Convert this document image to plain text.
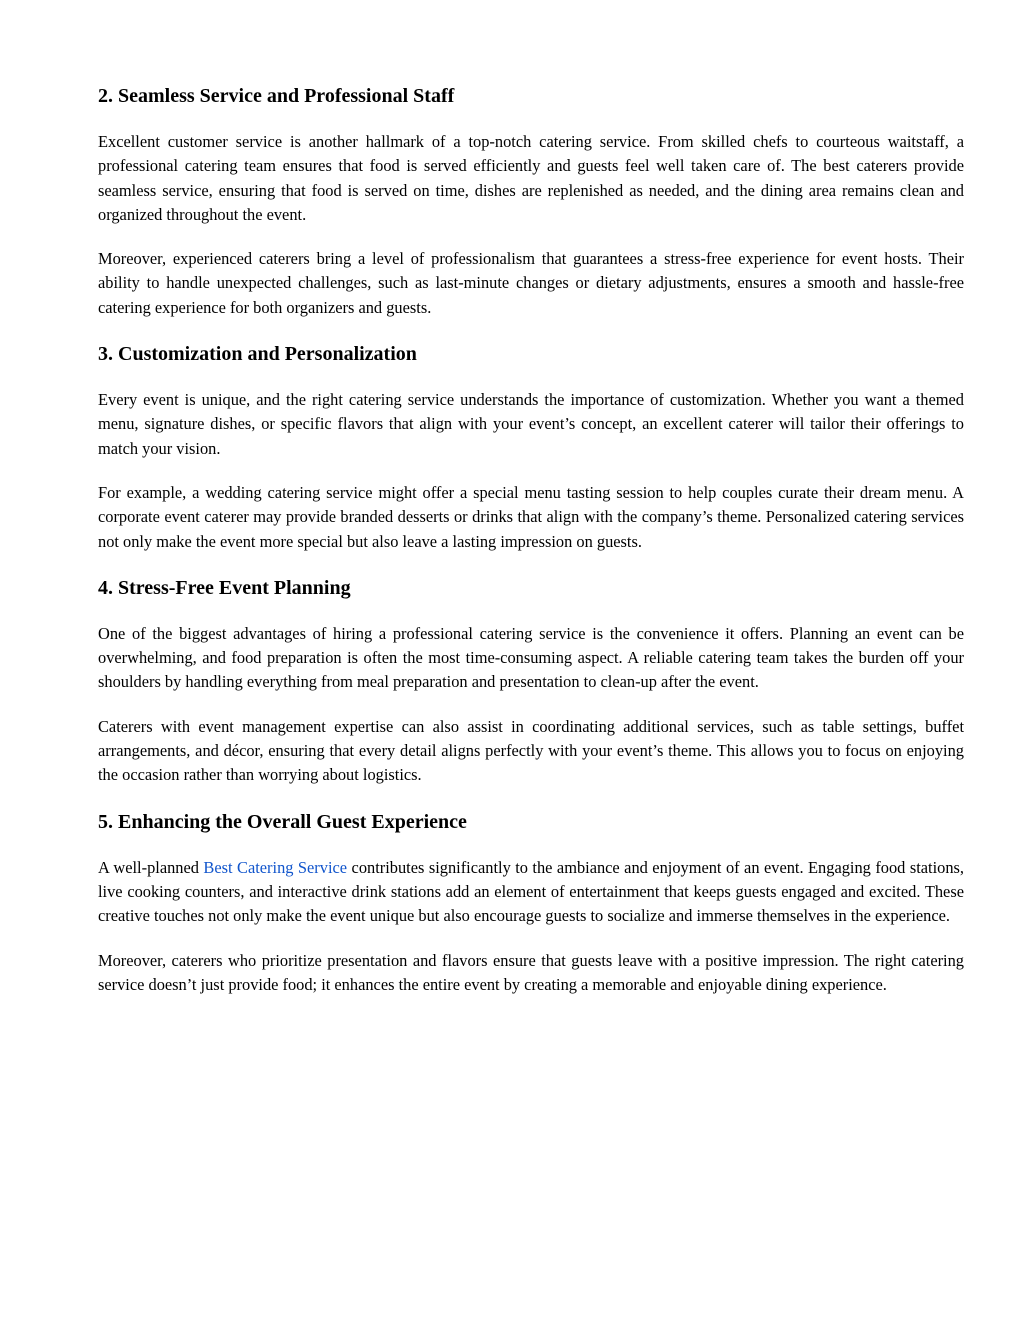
2. Seamless Service and Professional Staff

Excellent customer service is another hallmark of a top-notch catering service. From skilled chefs to courteous waitstaff, a professional catering team ensures that food is served efficiently and guests feel well taken care of. The best caterers provide seamless service, ensuring that food is served on time, dishes are replenished as needed, and the dining area remains clean and organized throughout the event.

Moreover, experienced caterers bring a level of professionalism that guarantees a stress-free experience for event hosts. Their ability to handle unexpected challenges, such as last-minute changes or dietary adjustments, ensures a smooth and hassle-free catering experience for both organizers and guests.

3. Customization and Personalization

Every event is unique, and the right catering service understands the importance of customization. Whether you want a themed menu, signature dishes, or specific flavors that align with your event’s concept, an excellent caterer will tailor their offerings to match your vision.

For example, a wedding catering service might offer a special menu tasting session to help couples curate their dream menu. A corporate event caterer may provide branded desserts or drinks that align with the company’s theme. Personalized catering services not only make the event more special but also leave a lasting impression on guests.

4. Stress-Free Event Planning

One of the biggest advantages of hiring a professional catering service is the convenience it offers. Planning an event can be overwhelming, and food preparation is often the most time-consuming aspect. A reliable catering team takes the burden off your shoulders by handling everything from meal preparation and presentation to clean-up after the event.

Caterers with event management expertise can also assist in coordinating additional services, such as table settings, buffet arrangements, and décor, ensuring that every detail aligns perfectly with your event’s theme. This allows you to focus on enjoying the occasion rather than worrying about logistics.

5. Enhancing the Overall Guest Experience

A well-planned Best Catering Service contributes significantly to the ambiance and enjoyment of an event. Engaging food stations, live cooking counters, and interactive drink stations add an element of entertainment that keeps guests engaged and excited. These creative touches not only make the event unique but also encourage guests to socialize and immerse themselves in the experience.

Moreover, caterers who prioritize presentation and flavors ensure that guests leave with a positive impression. The right catering service doesn’t just provide food; it enhances the entire event by creating a memorable and enjoyable dining experience.
